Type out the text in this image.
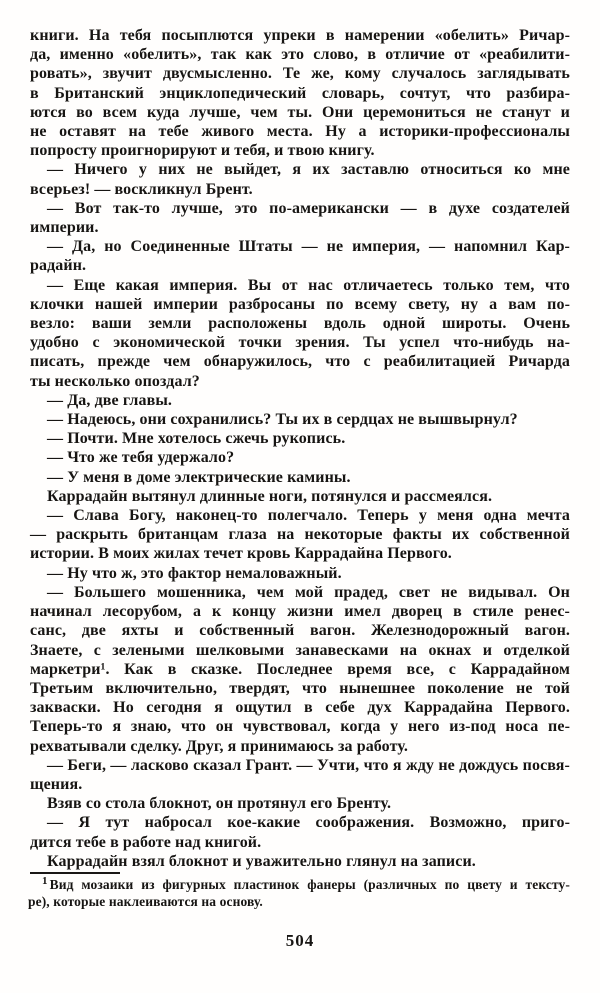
книги. На тебя посыплются упреки в намерении «обелить» Ричар-
да, именно «обелить», так как это слово, в отличие от «реабилити-
ровать», звучит двусмысленно. Те же, кому случалось заглядывать
в Британский энциклопедический словарь, сочтут, что разбира-
ются во всем куда лучше, чем ты. Они церемониться не станут и
не оставят на тебе живого места. Ну а историки-профессионалы
попросту проигнорируют и тебя, и твою книгу.
— Ничего у них не выйдет, я их заставлю относиться ко мне
всерьез! — воскликнул Брент.
— Вот так-то лучше, это по-американски — в духе создателей
империи.
— Да, но Соединенные Штаты — не империя, — напомнил Кар-
радайн.
— Еще какая империя. Вы от нас отличаетесь только тем, что
клочки нашей империи разбросаны по всему свету, ну а вам по-
везло: ваши земли расположены вдоль одной широты. Очень
удобно с экономической точки зрения. Ты успел что-нибудь на-
писать, прежде чем обнаружилось, что с реабилитацией Ричарда
ты несколько опоздал?
— Да, две главы.
— Надеюсь, они сохранились? Ты их в сердцах не вышвырнул?
— Почти. Мне хотелось сжечь рукопись.
— Что же тебя удержало?
— У меня в доме электрические камины.
Каррадайн вытянул длинные ноги, потянулся и рассмеялся.
— Слава Богу, наконец-то полегчало. Теперь у меня одна мечта
— раскрыть британцам глаза на некоторые факты их собственной
истории. В моих жилах течет кровь Каррадайна Первого.
— Ну что ж, это фактор немаловажный.
— Большего мошенника, чем мой прадед, свет не видывал. Он
начинал лесорубом, а к концу жизни имел дворец в стиле ренес-
санс, две яхты и собственный вагон. Железнодорожный вагон.
Знаете, с зелеными шелковыми занавесками на окнах и отделкой
маркетри¹. Как в сказке. Последнее время все, с Каррадайном
Третьим включительно, твердят, что нынешнее поколение не той
закваски. Но сегодня я ощутил в себе дух Каррадайна Первого.
Теперь-то я знаю, что он чувствовал, когда у него из-под носа пе-
рехватывали сделку. Друг, я принимаюсь за работу.
— Беги, — ласково сказал Грант. — Учти, что я жду не дождусь посвя-
щения.
Взяв со стола блокнот, он протянул его Бренту.
— Я тут набросал кое-какие соображения. Возможно, приго-
дится тебе в работе над книгой.
Каррадайн взял блокнот и уважительно глянул на записи.
$^1$ Вид мозаики из фигурных пластинок фанеры (различных по цвету и тексту-
ре), которые наклеиваются на основу.
504
